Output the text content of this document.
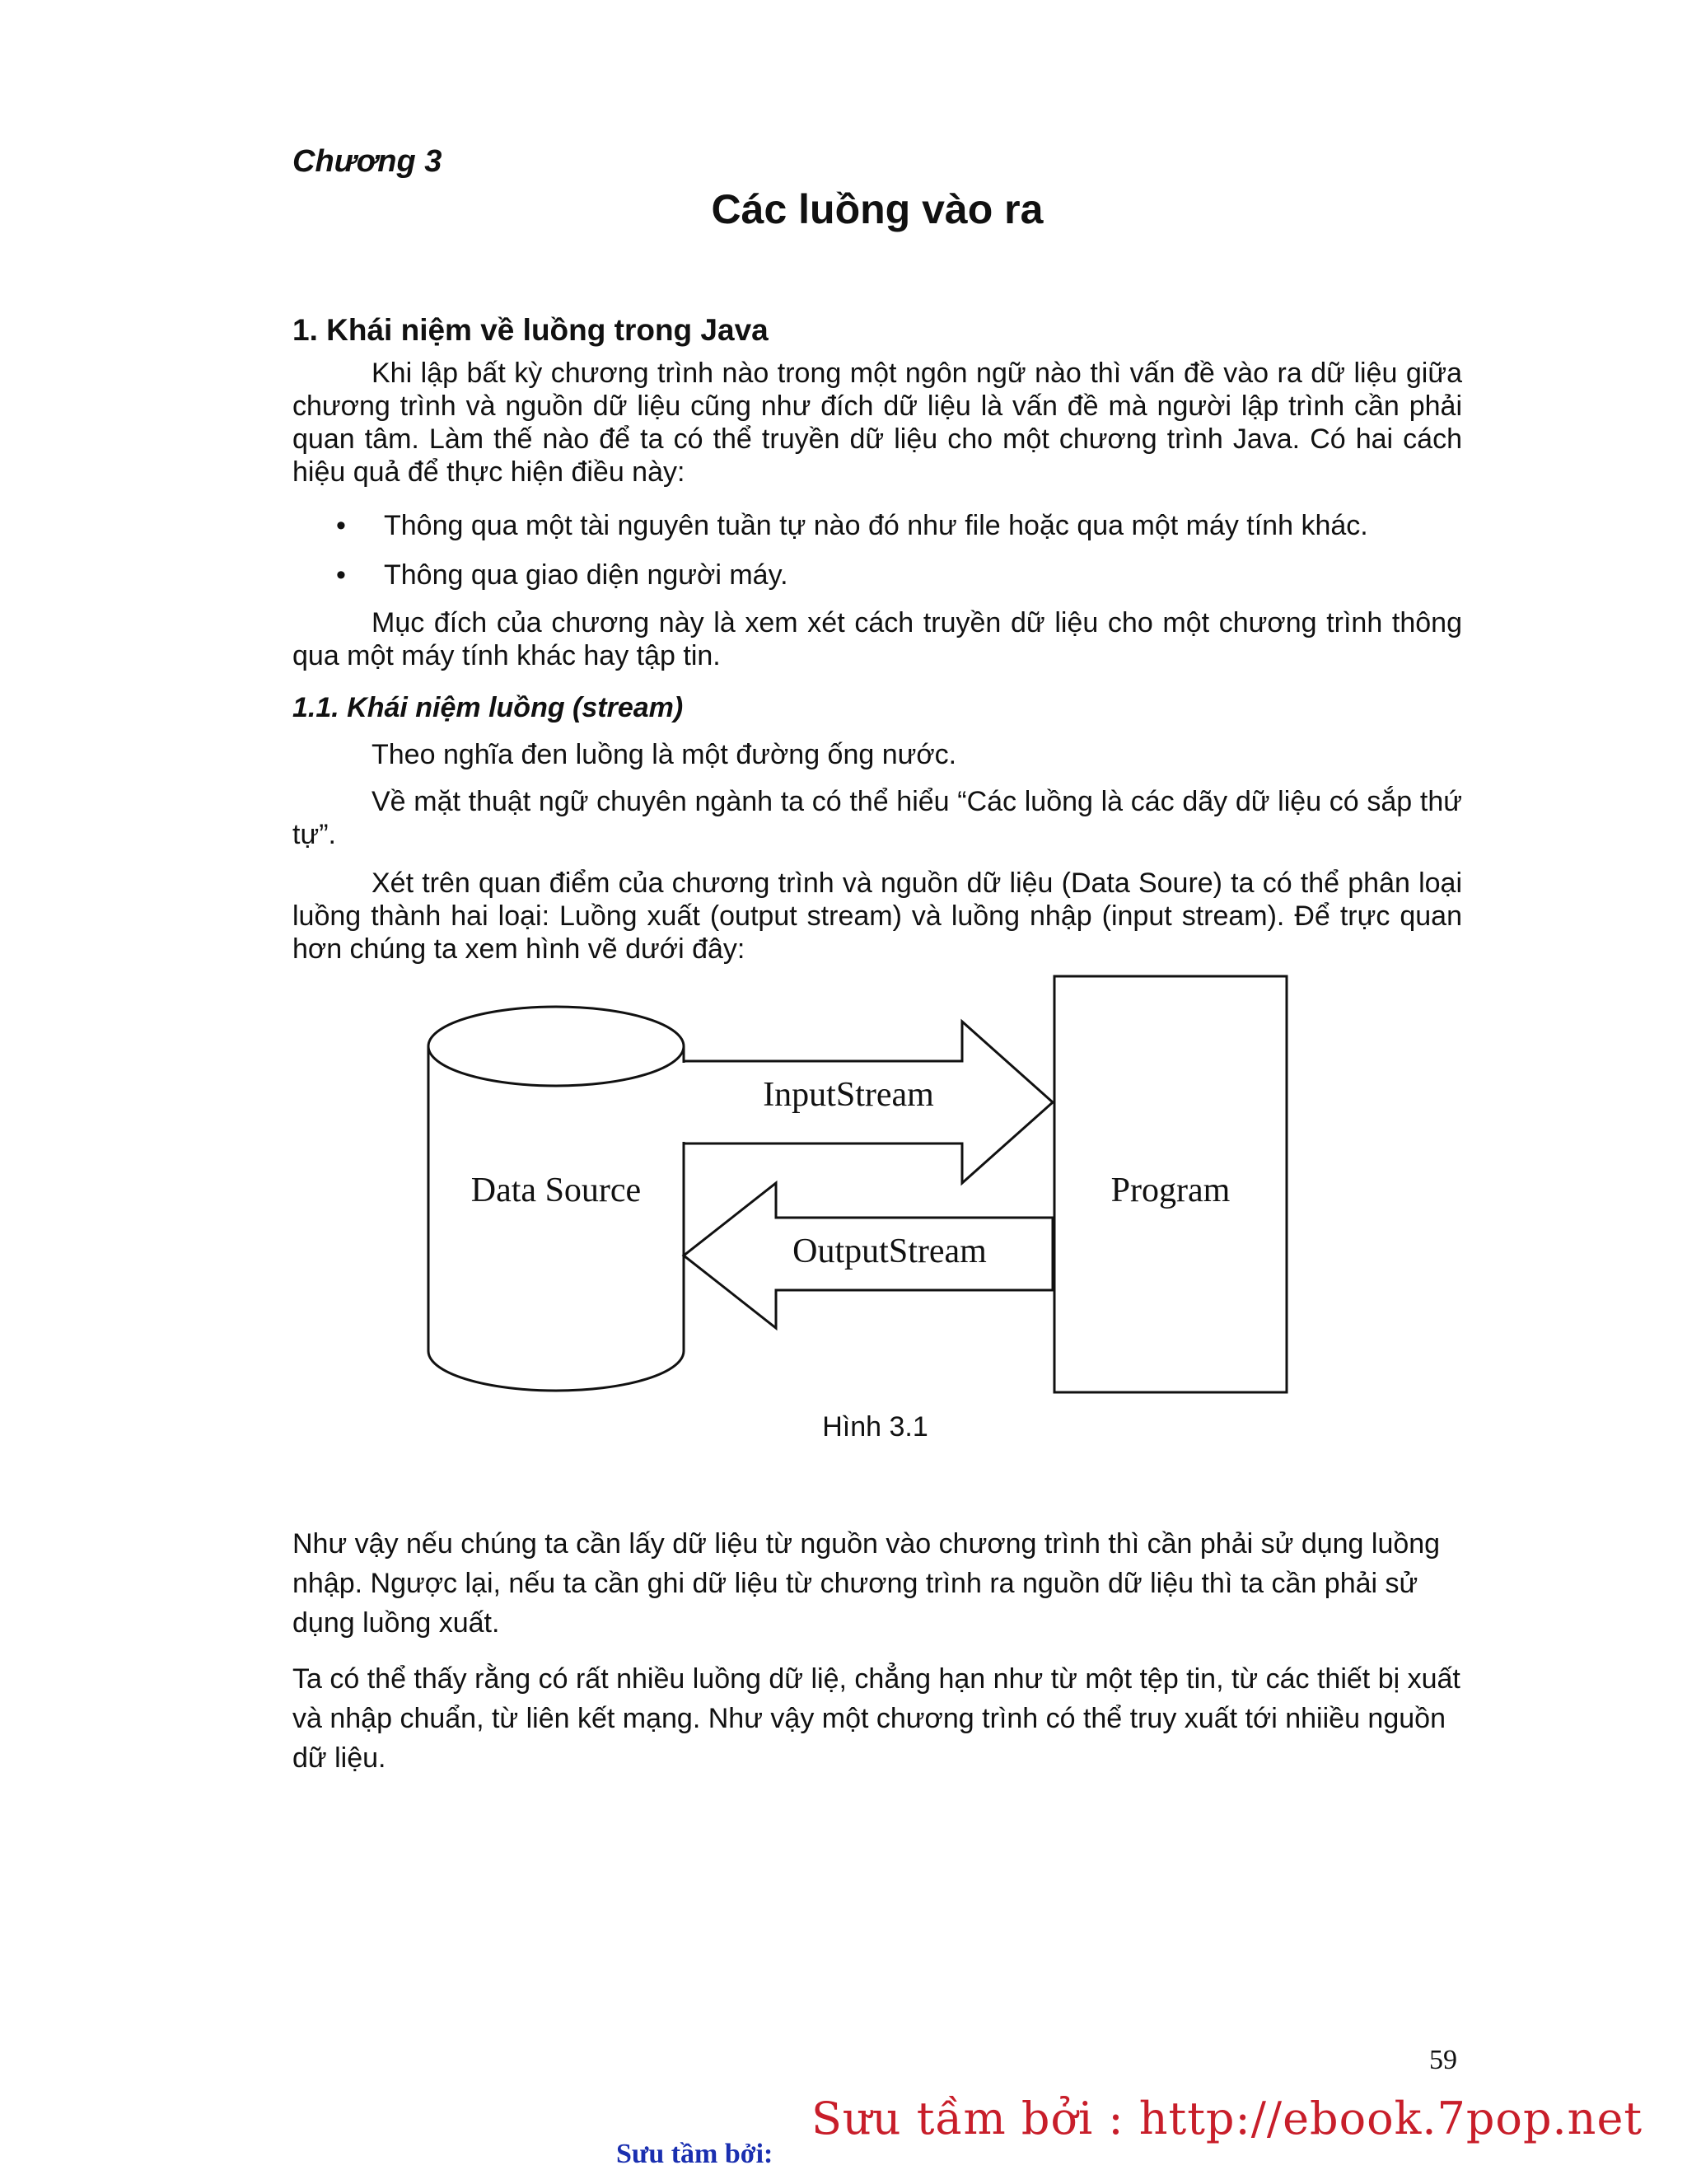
Chương 3
Các luồng vào ra
1. Khái niệm về luồng trong Java
Khi lập bất kỳ chương trình nào trong một ngôn ngữ nào thì vấn đề vào ra dữ liệu giữa chương trình và nguồn dữ liệu cũng như đích dữ liệu là vấn đề mà người lập trình cần phải quan tâm. Làm thế nào để ta có thể truyền dữ liệu cho một chương trình Java. Có hai cách hiệu quả để thực hiện điều này:
• Thông qua một tài nguyên tuần tự nào đó như file hoặc qua một máy tính khác.
• Thông qua giao diện người máy.
Mục đích của chương này là xem xét cách truyền dữ liệu cho một chương trình thông qua một máy tính khác hay tập tin.
1.1. Khái niệm luồng (stream)
Theo nghĩa đen luồng là một đường ống nước.
Về mặt thuật ngữ chuyên ngành ta có thể hiểu “Các luồng là các dãy dữ liệu có sắp thứ tự”.
Xét trên quan điểm của chương trình và nguồn dữ liệu (Data Soure) ta có thể phân loại luồng thành hai loại: Luồng xuất (output stream) và luồng nhập (input stream). Để trực quan hơn chúng ta xem hình vẽ dưới đây:
InputStream
Data Source	Program
OutputStream
Hình 3.1
Như vậy nếu chúng ta cần lấy dữ liệu từ nguồn vào chương trình thì cần phải sử dụng luồng nhập. Ngược lại, nếu ta cần ghi dữ liệu từ chương trình ra nguồn dữ liệu thì ta cần phải sử dụng luồng xuất.
Ta có thể thấy rằng có rất nhiều luồng dữ liệ, chẳng hạn như từ một tệp tin, từ các thiết bị xuất và nhập chuẩn, từ liên kết mạng. Như vậy một chương trình có thể truy xuất tới nhiiều nguồn dữ liệu.
59
Sưu tầm bởi:
Sưu tầm bởi : http://ebook.7pop.net
